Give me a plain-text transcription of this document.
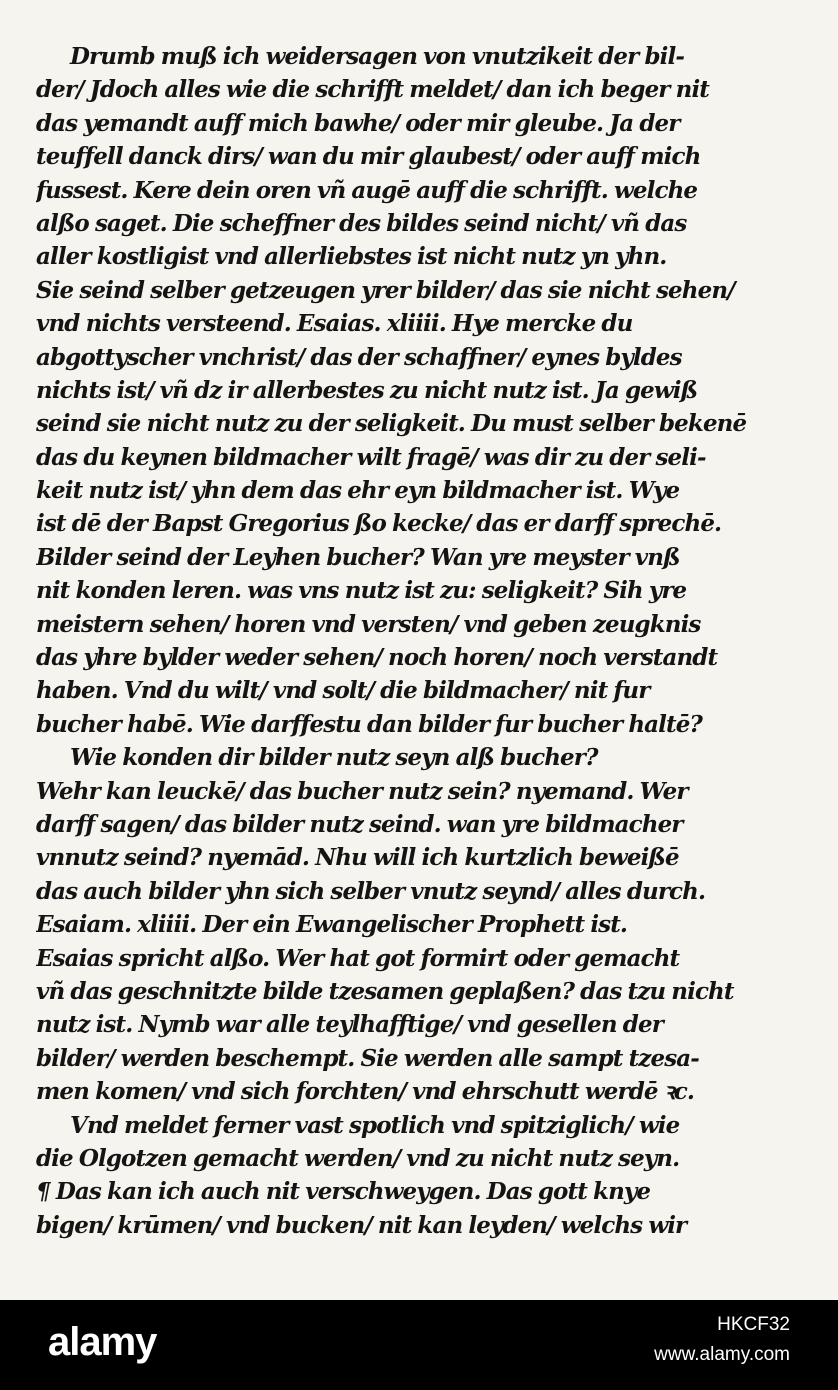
Drumb muß ich weidersagen von vnutzikeit der bil-
der/ Jdoch alles wie die schrifft meldet/ dan ich beger nit
das yemandt auff mich bawhe/ oder mir gleube. Ja der
teuffell danck dirs/ wan du mir glaubest/ oder auff mich
fussest. Kere dein oren vñ augē auff die schrifft. welche
alßo saget. Die scheffner des bildes seind nicht/ vñ das
aller kostligist vnd allerliebstes ist nicht nutz yn yhn.
Sie seind selber getzeugen yrer bilder/ das sie nicht sehen/
vnd nichts versteend. Esaias. xliiii. Hye mercke du
abgottyscher vnchrist/ das der schaffner/ eynes byldes
nichts ist/ vñ dz ir allerbestes zu nicht nutz ist. Ja gewiß
seind sie nicht nutz zu der seligkeit. Du must selber bekenē
das du keynen bildmacher wilt fragē/ was dir zu der seli-
keit nutz ist/ yhn dem das ehr eyn bildmacher ist. Wye
ist dē der Bapst Gregorius ßo kecke/ das er darff sprechē.
Bilder seind der Leyhen bucher? Wan yre meyster vnß
nit konden leren. was vns nutz ist zu: seligkeit? Sih yre
meistern sehen/ horen vnd versten/ vnd geben zeugknis
das yhre bylder weder sehen/ noch horen/ noch verstandt
haben. Vnd du wilt/ vnd solt/ die bildmacher/ nit fur
bucher habē. Wie darffestu dan bilder fur bucher haltē?
Wie konden dir bilder nutz seyn alß bucher?
Wehr kan leuckē/ das bucher nutz sein? nyemand. Wer
darff sagen/ das bilder nutz seind. wan yre bildmacher
vnnutz seind? nyemād. Nhu will ich kurtzlich beweißē
das auch bilder yhn sich selber vnutz seynd/ alles durch.
Esaiam. xliiii. Der ein Ewangelischer Prophett ist.
Esaias spricht alßo. Wer hat got formirt oder gemacht
vñ das geschnitzte bilde tzesamen geplaßen? das tzu nicht
nutz ist. Nymb war alle teylhafftige/ vnd gesellen der
bilder/ werden beschempt. Sie werden alle sampt tzesa-
men komen/ vnd sich forchten/ vnd ehrschutt werdē ꝛc.
Vnd meldet ferner vast spotlich vnd spitziglich/ wie
die Olgotzen gemacht werden/ vnd zu nicht nutz seyn.
¶ Das kan ich auch nit verschweygen. Das gott knye
bigen/ krūmen/ vnd bucken/ nit kan leyden/ welchs wir
alamy	HKCF32
www.alamy.com
